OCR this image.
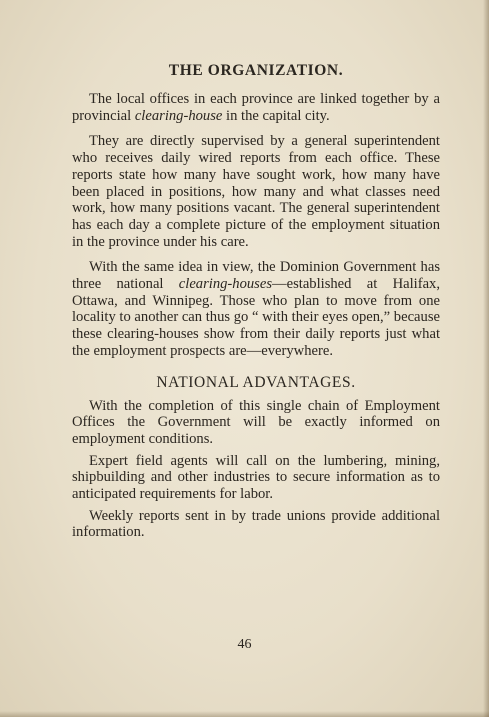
THE ORGANIZATION.

The local offices in each province are linked together by a provincial clearing-house in the capital city.

They are directly supervised by a general superintendent who receives daily wired reports from each office. These reports state how many have sought work, how many have been placed in positions, how many and what classes need work, how many positions vacant. The general superintendent has each day a complete picture of the employment situation in the province under his care.

With the same idea in view, the Dominion Government has three national clearing-houses—established at Halifax, Ottawa, and Winnipeg. Those who plan to move from one locality to another can thus go “ with their eyes open,” because these clearing-houses show from their daily reports just what the employment prospects are—everywhere.

NATIONAL ADVANTAGES.

With the completion of this single chain of Employment Offices the Government will be exactly informed on employment conditions.

Expert field agents will call on the lumbering, mining, shipbuilding and other industries to secure information as to anticipated requirements for labor.

Weekly reports sent in by trade unions provide additional information.

46
